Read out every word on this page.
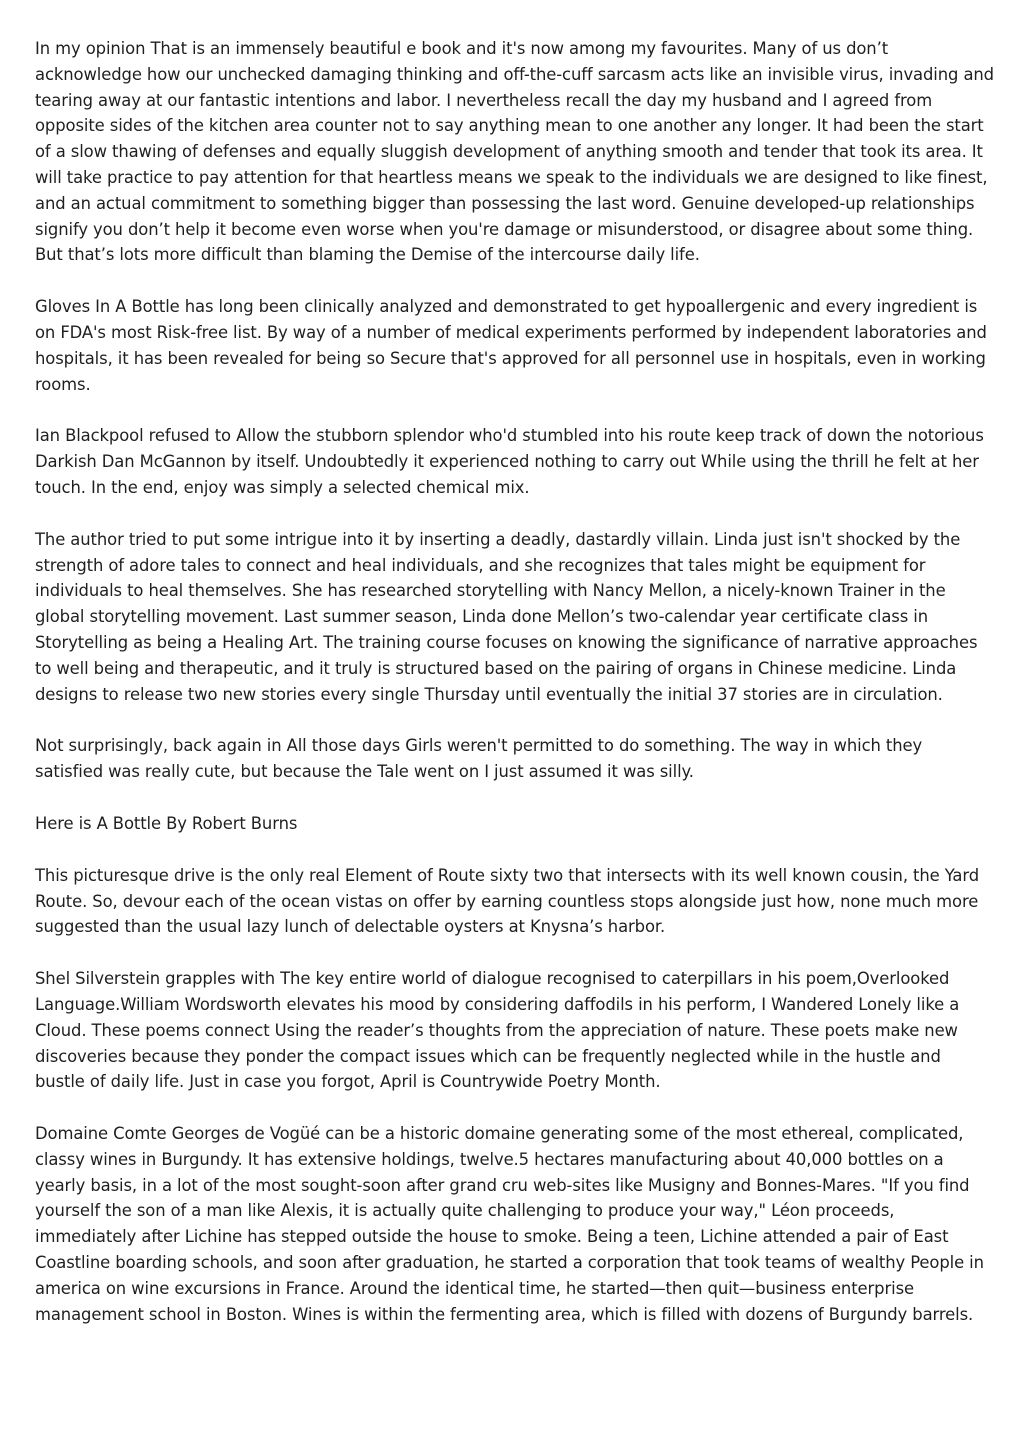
In my opinion That is an immensely beautiful e book and it's now among my favourites. Many of us don’t acknowledge how our unchecked damaging thinking and off-the-cuff sarcasm acts like an invisible virus, invading and tearing away at our fantastic intentions and labor. I nevertheless recall the day my husband and I agreed from opposite sides of the kitchen area counter not to say anything mean to one another any longer. It had been the start of a slow thawing of defenses and equally sluggish development of anything smooth and tender that took its area. It will take practice to pay attention for that heartless means we speak to the individuals we are designed to like finest, and an actual commitment to something bigger than possessing the last word. Genuine developed-up relationships signify you don’t help it become even worse when you're damage or misunderstood, or disagree about some thing. But that’s lots more difficult than blaming the Demise of the intercourse daily life.

Gloves In A Bottle has long been clinically analyzed and demonstrated to get hypoallergenic and every ingredient is on FDA's most Risk-free list. By way of a number of medical experiments performed by independent laboratories and hospitals, it has been revealed for being so Secure that's approved for all personnel use in hospitals, even in working rooms.

Ian Blackpool refused to Allow the stubborn splendor who'd stumbled into his route keep track of down the notorious Darkish Dan McGannon by itself. Undoubtedly it experienced nothing to carry out While using the thrill he felt at her touch. In the end, enjoy was simply a selected chemical mix.

The author tried to put some intrigue into it by inserting a deadly, dastardly villain. Linda just isn't shocked by the strength of adore tales to connect and heal individuals, and she recognizes that tales might be equipment for individuals to heal themselves. She has researched storytelling with Nancy Mellon, a nicely-known Trainer in the global storytelling movement. Last summer season, Linda done Mellon’s two-calendar year certificate class in Storytelling as being a Healing Art. The training course focuses on knowing the significance of narrative approaches to well being and therapeutic, and it truly is structured based on the pairing of organs in Chinese medicine. Linda designs to release two new stories every single Thursday until eventually the initial 37 stories are in circulation.

Not surprisingly, back again in All those days Girls weren't permitted to do something. The way in which they satisfied was really cute, but because the Tale went on I just assumed it was silly.

Here is A Bottle By Robert Burns

This picturesque drive is the only real Element of Route sixty two that intersects with its well known cousin, the Yard Route. So, devour each of the ocean vistas on offer by earning countless stops alongside just how, none much more suggested than the usual lazy lunch of delectable oysters at Knysna’s harbor.

Shel Silverstein grapples with The key entire world of dialogue recognised to caterpillars in his poem,Overlooked Language.William Wordsworth elevates his mood by considering daffodils in his perform, I Wandered Lonely like a Cloud. These poems connect Using the reader’s thoughts from the appreciation of nature. These poets make new discoveries because they ponder the compact issues which can be frequently neglected while in the hustle and bustle of daily life. Just in case you forgot, April is Countrywide Poetry Month.

Domaine Comte Georges de Vogüé can be a historic domaine generating some of the most ethereal, complicated, classy wines in Burgundy. It has extensive holdings, twelve.5 hectares manufacturing about 40,000 bottles on a yearly basis, in a lot of the most sought-soon after grand cru web-sites like Musigny and Bonnes-Mares. "If you find yourself the son of a man like Alexis, it is actually quite challenging to produce your way," Léon proceeds, immediately after Lichine has stepped outside the house to smoke. Being a teen, Lichine attended a pair of East Coastline boarding schools, and soon after graduation, he started a corporation that took teams of wealthy People in america on wine excursions in France. Around the identical time, he started—then quit—business enterprise management school in Boston. Wines is within the fermenting area, which is filled with dozens of Burgundy barrels.
